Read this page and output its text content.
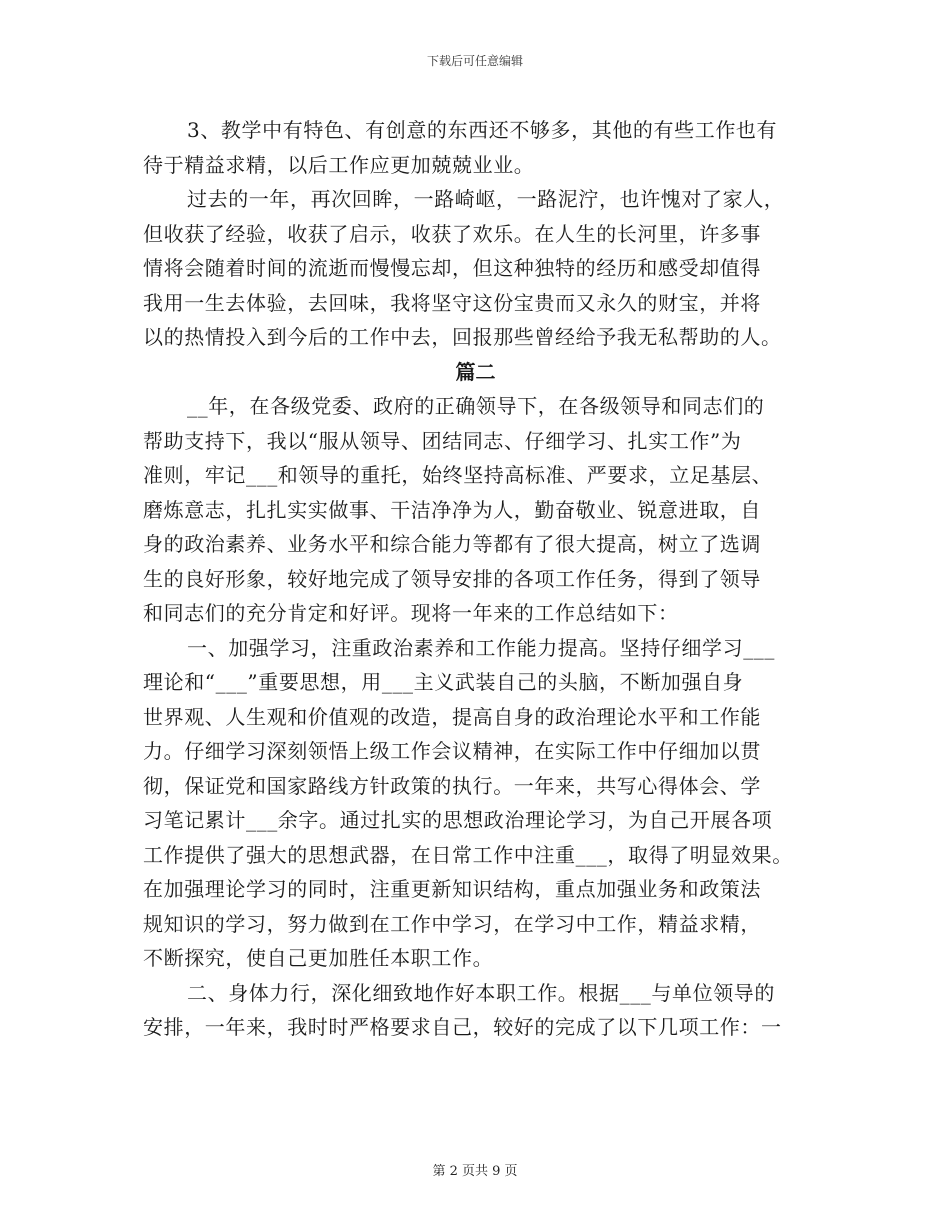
下载后可任意编辑
3、教学中有特色、有创意的东西还不够多，其他的有些工作也有
待于精益求精，以后工作应更加兢兢业业。
过去的一年，再次回眸，一路崎岖，一路泥泞，也许愧对了家人，
但收获了经验，收获了启示，收获了欢乐。在人生的长河里，许多事
情将会随着时间的流逝而慢慢忘却，但这种独特的经历和感受却值得
我用一生去体验，去回味，我将坚守这份宝贵而又永久的财宝，并将
以的热情投入到今后的工作中去，回报那些曾经给予我无私帮助的人。
篇二
__年，在各级党委、政府的正确领导下，在各级领导和同志们的
帮助支持下，我以“服从领导、团结同志、仔细学习、扎实工作”为
准则，牢记___和领导的重托，始终坚持高标准、严要求，立足基层、
磨炼意志，扎扎实实做事、干洁净净为人，勤奋敬业、锐意进取，自
身的政治素养、业务水平和综合能力等都有了很大提高，树立了选调
生的良好形象，较好地完成了领导安排的各项工作任务，得到了领导
和同志们的充分肯定和好评。现将一年来的工作总结如下：
一、加强学习，注重政治素养和工作能力提高。坚持仔细学习___
理论和“___”重要思想，用___主义武装自己的头脑，不断加强自身
世界观、人生观和价值观的改造，提高自身的政治理论水平和工作能
力。仔细学习深刻领悟上级工作会议精神，在实际工作中仔细加以贯
彻，保证党和国家路线方针政策的执行。一年来，共写心得体会、学
习笔记累计___余字。通过扎实的思想政治理论学习，为自己开展各项
工作提供了强大的思想武器，在日常工作中注重___，取得了明显效果。
在加强理论学习的同时，注重更新知识结构，重点加强业务和政策法
规知识的学习，努力做到在工作中学习，在学习中工作，精益求精，
不断探究，使自己更加胜任本职工作。
二、身体力行，深化细致地作好本职工作。根据___与单位领导的
安排，一年来，我时时严格要求自己，较好的完成了以下几项工作：一
第 2 页共 9 页
